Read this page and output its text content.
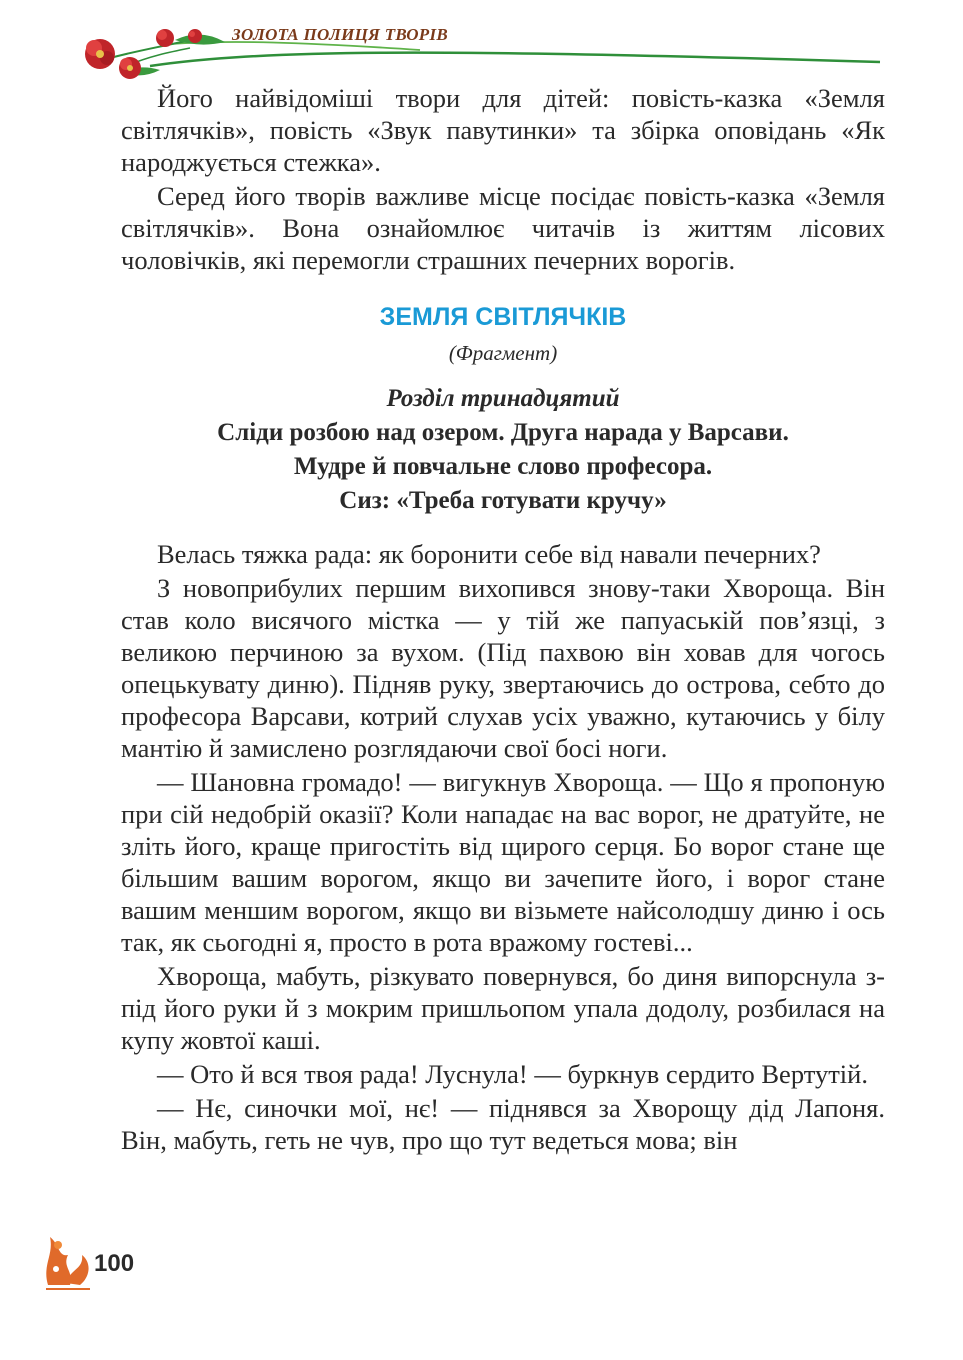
ЗОЛОТА ПОЛИЦЯ ТВОРІВ

Його найвідоміші твори для дітей: повість-казка «Земля світлячків», повість «Звук павутинки» та збірка оповідань «Як народжується стежка».

Серед його творів важливе місце посідає повість-казка «Земля світлячків». Вона ознайомлює читачів із життям лісових чоловічків, які перемогли страшних печерних ворогів.

ЗЕМЛЯ СВІТЛЯЧКІВ

(Фрагмент)

Розділ тринадцятий

Сліди розбою над озером. Друга нарада у Варсави.

Мудре й повчальне слово професора.

Сиз: «Треба готувати кручу»

Велась тяжка рада: як боронити себе від навали печерних?

З новоприбулих першим вихопився знову-таки Хвороща. Він став коло висячого містка — у тій же папуаській пов’язці, з великою перчиною за вухом. (Під пахвою він ховав для чогось опецькувату диню). Підняв руку, звертаючись до острова, себто до професора Варсави, котрий слухав усіх уважно, кутаючись у білу мантію й замислено розглядаючи свої босі ноги.

— Шановна громадо! — вигукнув Хвороща. — Що я пропоную при сій недобрій оказії? Коли нападає на вас ворог, не дратуйте, не зліть його, краще пригостіть від щирого серця. Бо ворог стане ще більшим вашим ворогом, якщо ви зачепите його, і ворог стане вашим меншим ворогом, якщо ви візьмете найсолодшу диню і ось так, як сьогодні я, просто в рота вражому гостеві...

Хвороща, мабуть, різкувато повернувся, бо диня випорснула з-під його руки й з мокрим пришльопом упала додолу, розбилася на купу жовтої каші.

— Ото й вся твоя рада! Луснула! — буркнув сердито Вертутій.

— Нє, синочки мої, нє! — піднявся за Хворощу дід Лапоня. Він, мабуть, геть не чув, про що тут ведеться мова; він

100
